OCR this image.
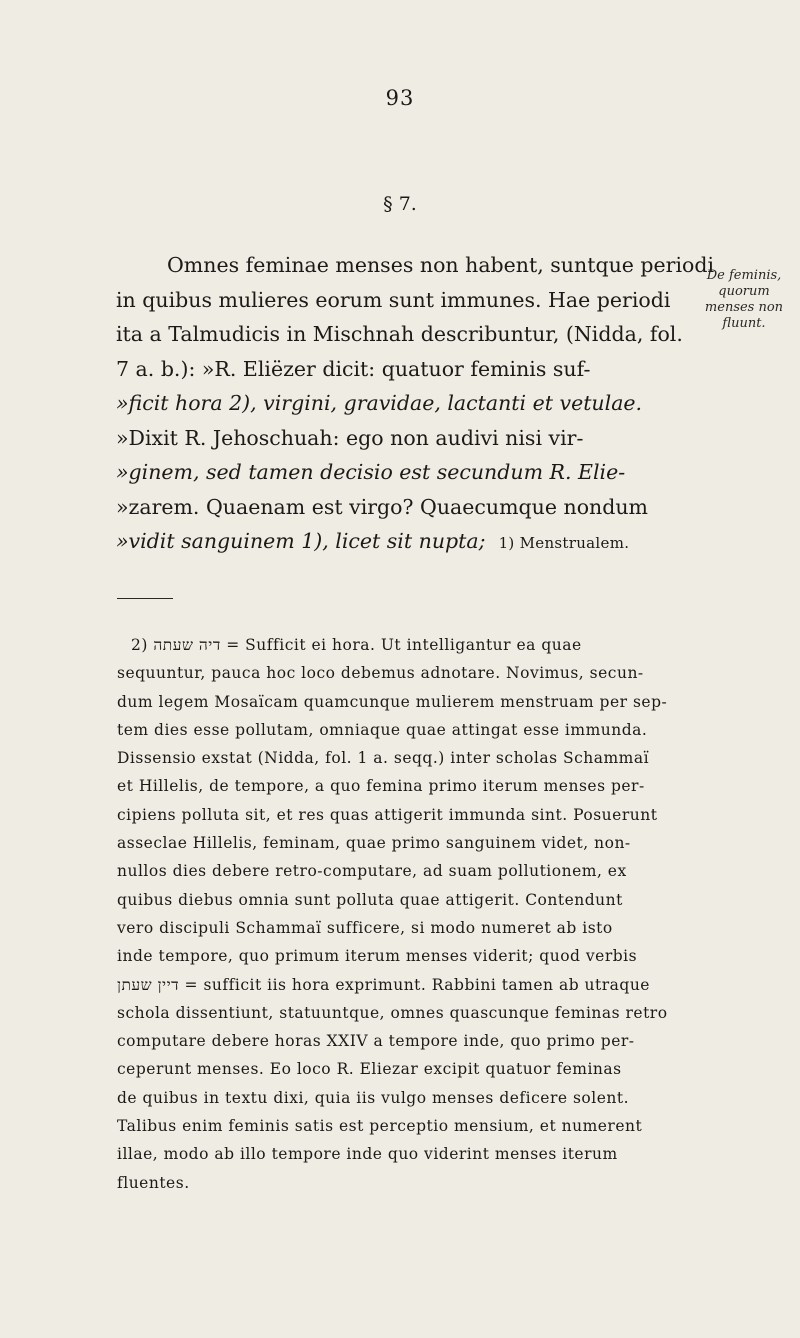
93
§ 7.
Omnes feminae menses non habent, suntque periodi
in quibus mulieres eorum sunt immunes. Hae periodi
ita a Talmudicis in Mischnah describuntur, (Nidda, fol.
7 a. b.): »R. Eliëzer dicit: quatuor feminis suf-
»ficit hora 2), virgini, gravidae, lactanti et vetulae.
»Dixit R. Jehoschuah: ego non audivi nisi vir-
»ginem, sed tamen decisio est secundum R. Elie-
»zarem. Quaenam est virgo? Quaecumque nondum
»vidit sanguinem 1), licet sit nupta; 1) Menstrualem.
De feminis,
quorum
menses non
fluunt.
2) דיה שעתה = Sufficit ei hora. Ut intelligantur ea quae
sequuntur, pauca hoc loco debemus adnotare. Novimus, secun-
dum legem Mosaïcam quamcunque mulierem menstruam per sep-
tem dies esse pollutam, omniaque quae attingat esse immunda.
Dissensio exstat (Nidda, fol. 1 a. seqq.) inter scholas Schammaï
et Hillelis, de tempore, a quo femina primo iterum menses per-
cipiens polluta sit, et res quas attigerit immunda sint. Posuerunt
asseclae Hillelis, feminam, quae primo sanguinem videt, non-
nullos dies debere retro-computare, ad suam pollutionem, ex
quibus diebus omnia sunt polluta quae attigerit. Contendunt
vero discipuli Schammaï sufficere, si modo numeret ab isto
inde tempore, quo primum iterum menses viderit; quod verbis
דיין שעתן = sufficit iis hora exprimunt. Rabbini tamen ab utraque
schola dissentiunt, statuuntque, omnes quascunque feminas retro
computare debere horas XXIV a tempore inde, quo primo per-
ceperunt menses. Eo loco R. Eliezar excipit quatuor feminas
de quibus in textu dixi, quia iis vulgo menses deficere solent.
Talibus enim feminis satis est perceptio mensium, et numerent
illae, modo ab illo tempore inde quo viderint menses iterum
fluentes.
